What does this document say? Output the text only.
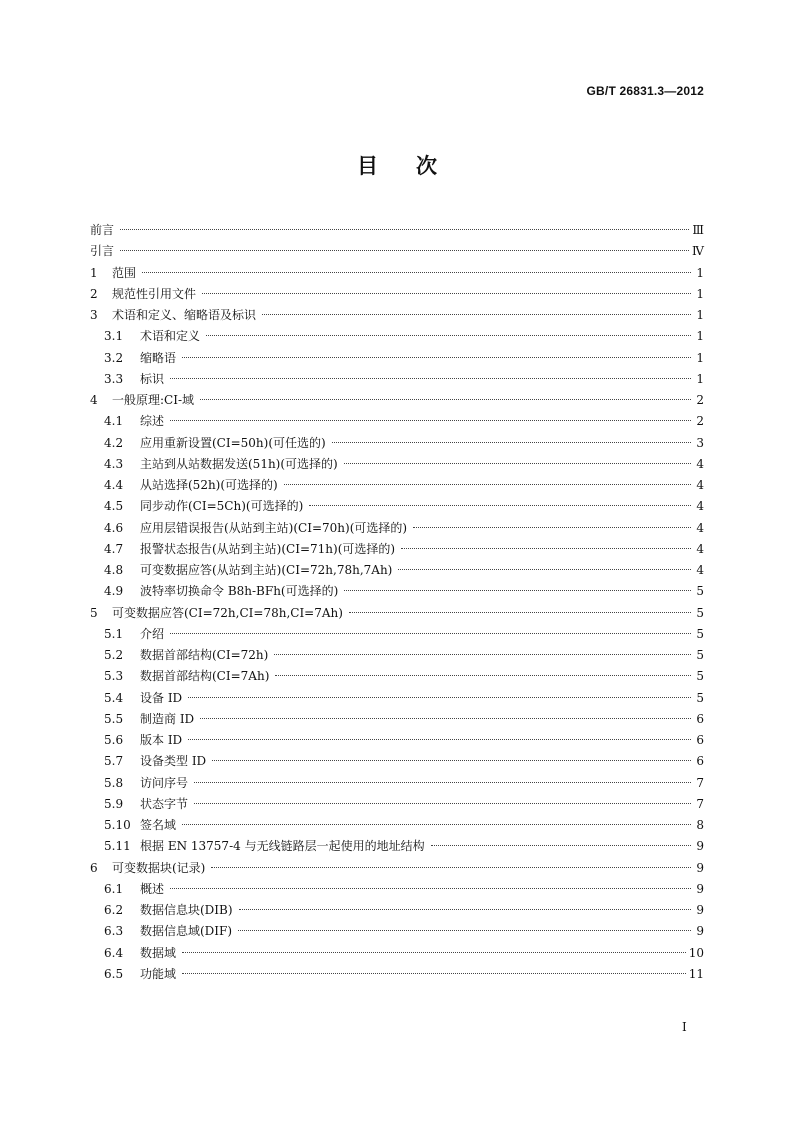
GB/T 26831.3—2012
目次
前言	Ⅲ
引言	Ⅳ
1	范围	1
2	规范性引用文件	1
3	术语和定义、缩略语及标识	1
3.1	术语和定义	1
3.2	缩略语	1
3.3	标识	1
4	一般原理:CI-域	2
4.1	综述	2
4.2	应用重新设置(CI=50h)(可任选的)	3
4.3	主站到从站数据发送(51h)(可选择的)	4
4.4	从站选择(52h)(可选择的)	4
4.5	同步动作(CI=5Ch)(可选择的)	4
4.6	应用层错误报告(从站到主站)(CI=70h)(可选择的)	4
4.7	报警状态报告(从站到主站)(CI=71h)(可选择的)	4
4.8	可变数据应答(从站到主站)(CI=72h,78h,7Ah)	4
4.9	波特率切换命令 B8h-BFh(可选择的)	5
5	可变数据应答(CI=72h,CI=78h,CI=7Ah)	5
5.1	介绍	5
5.2	数据首部结构(CI=72h)	5
5.3	数据首部结构(CI=7Ah)	5
5.4	设备 ID	5
5.5	制造商 ID	6
5.6	版本 ID	6
5.7	设备类型 ID	6
5.8	访问序号	7
5.9	状态字节	7
5.10 签名域	8
5.11 根据 EN 13757-4 与无线链路层一起使用的地址结构	9
6	可变数据块(记录)	9
6.1	概述	9
6.2	数据信息块(DIB)	9
6.3	数据信息域(DIF)	9
6.4	数据域	10
6.5	功能域	11
I
